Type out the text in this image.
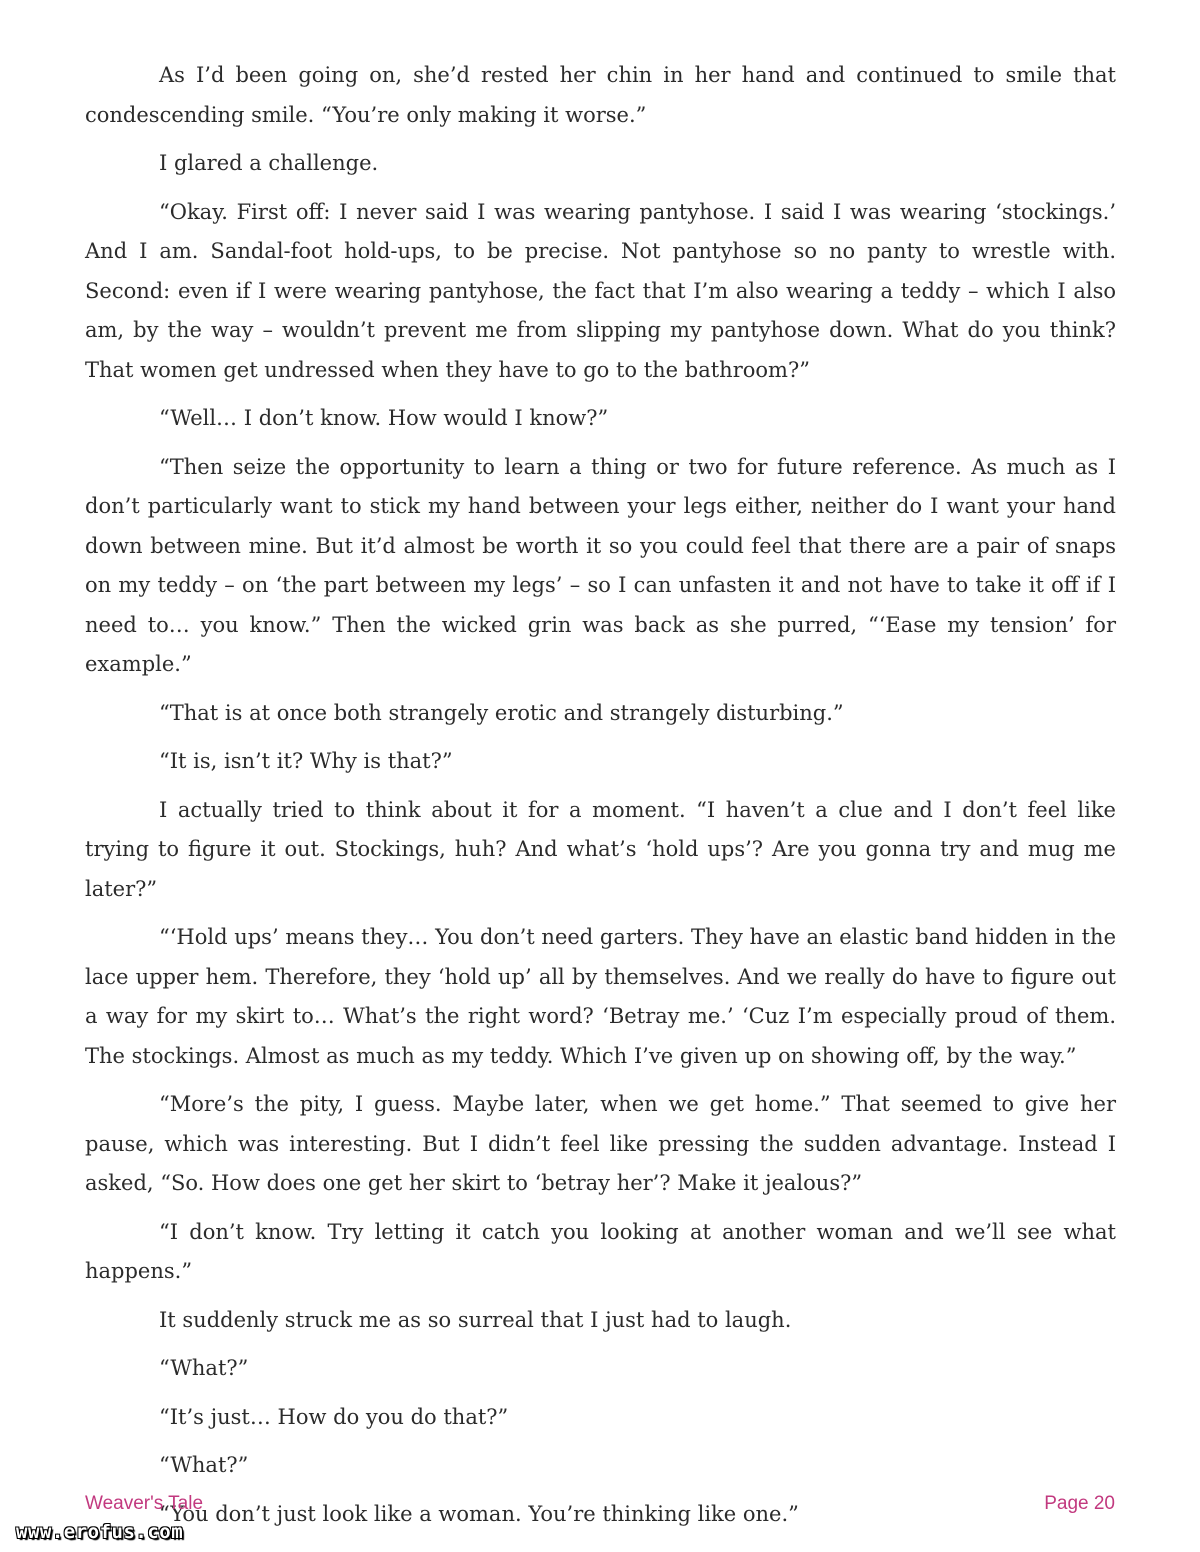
As I’d been going on, she’d rested her chin in her hand and continued to smile that condescending smile. “You’re only making it worse.”

I glared a challenge.

“Okay. First off: I never said I was wearing pantyhose. I said I was wearing ‘stockings.’ And I am. Sandal-foot hold-ups, to be precise. Not pantyhose so no panty to wrestle with. Second: even if I were wearing pantyhose, the fact that I’m also wearing a teddy – which I also am, by the way – wouldn’t prevent me from slipping my pantyhose down. What do you think? That women get undressed when they have to go to the bathroom?”

“Well… I don’t know. How would I know?”

“Then seize the opportunity to learn a thing or two for future reference. As much as I don’t particularly want to stick my hand between your legs either, neither do I want your hand down between mine. But it’d almost be worth it so you could feel that there are a pair of snaps on my teddy – on ‘the part between my legs’ – so I can unfasten it and not have to take it off if I need to… you know.” Then the wicked grin was back as she purred, “‘Ease my tension’ for example.”

“That is at once both strangely erotic and strangely disturbing.”

“It is, isn’t it? Why is that?”

I actually tried to think about it for a moment. “I haven’t a clue and I don’t feel like trying to figure it out. Stockings, huh? And what’s ‘hold ups’? Are you gonna try and mug me later?”

“‘Hold ups’ means they… You don’t need garters. They have an elastic band hidden in the lace upper hem. Therefore, they ‘hold up’ all by themselves. And we really do have to figure out a way for my skirt to… What’s the right word? ‘Betray me.’ ‘Cuz I’m especially proud of them. The stockings. Almost as much as my teddy. Which I’ve given up on showing off, by the way.”

“More’s the pity, I guess. Maybe later, when we get home.” That seemed to give her pause, which was interesting. But I didn’t feel like pressing the sudden advantage. Instead I asked, “So. How does one get her skirt to ‘betray her’? Make it jealous?”

“I don’t know. Try letting it catch you looking at another woman and we’ll see what happens.”

It suddenly struck me as so surreal that I just had to laugh.

“What?”

“It’s just… How do you do that?”

“What?”

“You don’t just look like a woman. You’re thinking like one.”

Weaver's Tale	Page 20
www.erofus.com
